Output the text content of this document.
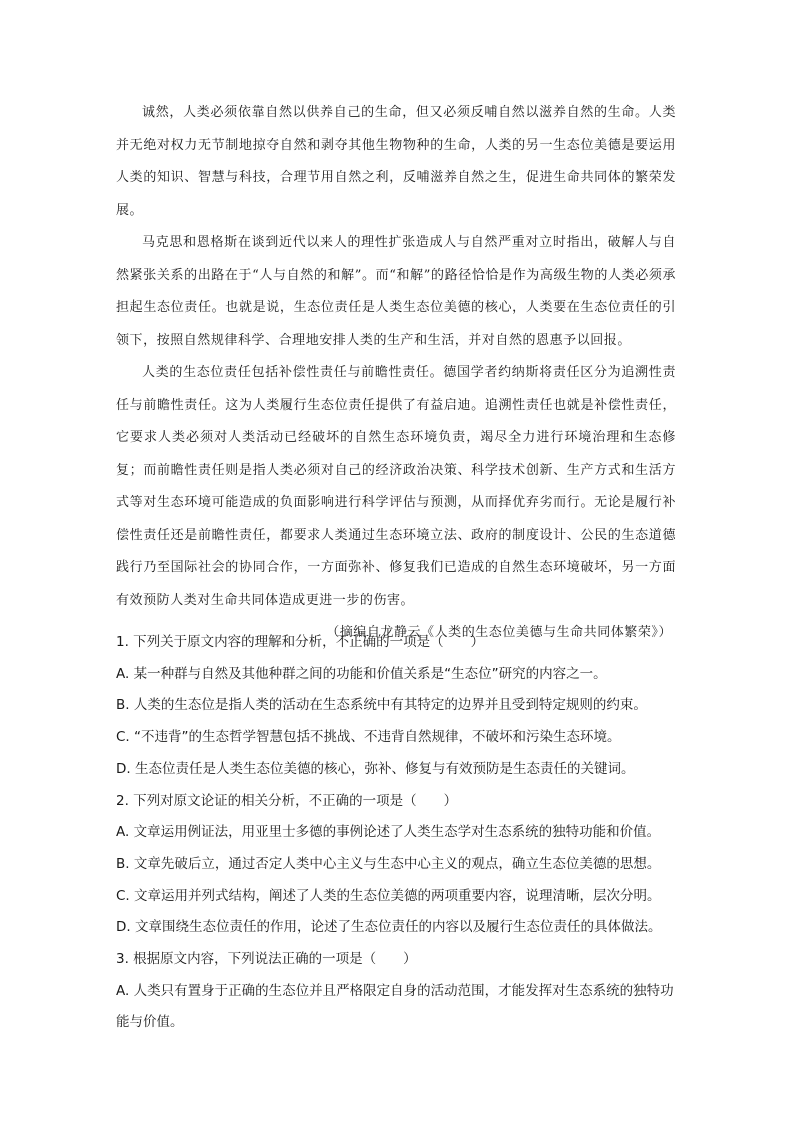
诚然，人类必须依靠自然以供养自己的生命，但又必须反哺自然以滋养自然的生命。人类并无绝对权力无节制地掠夺自然和剥夺其他生物物种的生命，人类的另一生态位美德是要运用人类的知识、智慧与科技，合理节用自然之利，反哺滋养自然之生，促进生命共同体的繁荣发展。

马克思和恩格斯在谈到近代以来人的理性扩张造成人与自然严重对立时指出，破解人与自然紧张关系的出路在于“人与自然的和解”。而“和解”的路径恰恰是作为高级生物的人类必须承担起生态位责任。也就是说，生态位责任是人类生态位美德的核心，人类要在生态位责任的引领下，按照自然规律科学、合理地安排人类的生产和生活，并对自然的恩惠予以回报。

人类的生态位责任包括补偿性责任与前瞻性责任。德国学者约纳斯将责任区分为追溯性责任与前瞻性责任。这为人类履行生态位责任提供了有益启迪。追溯性责任也就是补偿性责任，它要求人类必须对人类活动已经破坏的自然生态环境负责，竭尽全力进行环境治理和生态修复；而前瞻性责任则是指人类必须对自己的经济政治决策、科学技术创新、生产方式和生活方式等对生态环境可能造成的负面影响进行科学评估与预测，从而择优弃劣而行。无论是履行补偿性责任还是前瞻性责任，都要求人类通过生态环境立法、政府的制度设计、公民的生态道德践行乃至国际社会的协同合作，一方面弥补、修复我们已造成的自然生态环境破坏，另一方面有效预防人类对生命共同体造成更进一步的伤害。

（摘编自龙静云《人类的生态位美德与生命共同体繁荣》）

1. 下列关于原文内容的理解和分析，不正确的一项是（　　）

A. 某一种群与自然及其他种群之间的功能和价值关系是“生态位”研究的内容之一。

B. 人类的生态位是指人类的活动在生态系统中有其特定的边界并且受到特定规则的约束。

C. “不违背”的生态哲学智慧包括不挑战、不违背自然规律，不破坏和污染生态环境。

D. 生态位责任是人类生态位美德的核心，弥补、修复与有效预防是生态责任的关键词。

2. 下列对原文论证的相关分析，不正确的一项是（　　）

A. 文章运用例证法，用亚里士多德的事例论述了人类生态学对生态系统的独特功能和价值。

B. 文章先破后立，通过否定人类中心主义与生态中心主义的观点，确立生态位美德的思想。

C. 文章运用并列式结构，阐述了人类的生态位美德的两项重要内容，说理清晰，层次分明。

D. 文章围绕生态位责任的作用，论述了生态位责任的内容以及履行生态位责任的具体做法。

3. 根据原文内容，下列说法正确的一项是（　　）

A. 人类只有置身于正确的生态位并且严格限定自身的活动范围，才能发挥对生态系统的独特功能与价值。
